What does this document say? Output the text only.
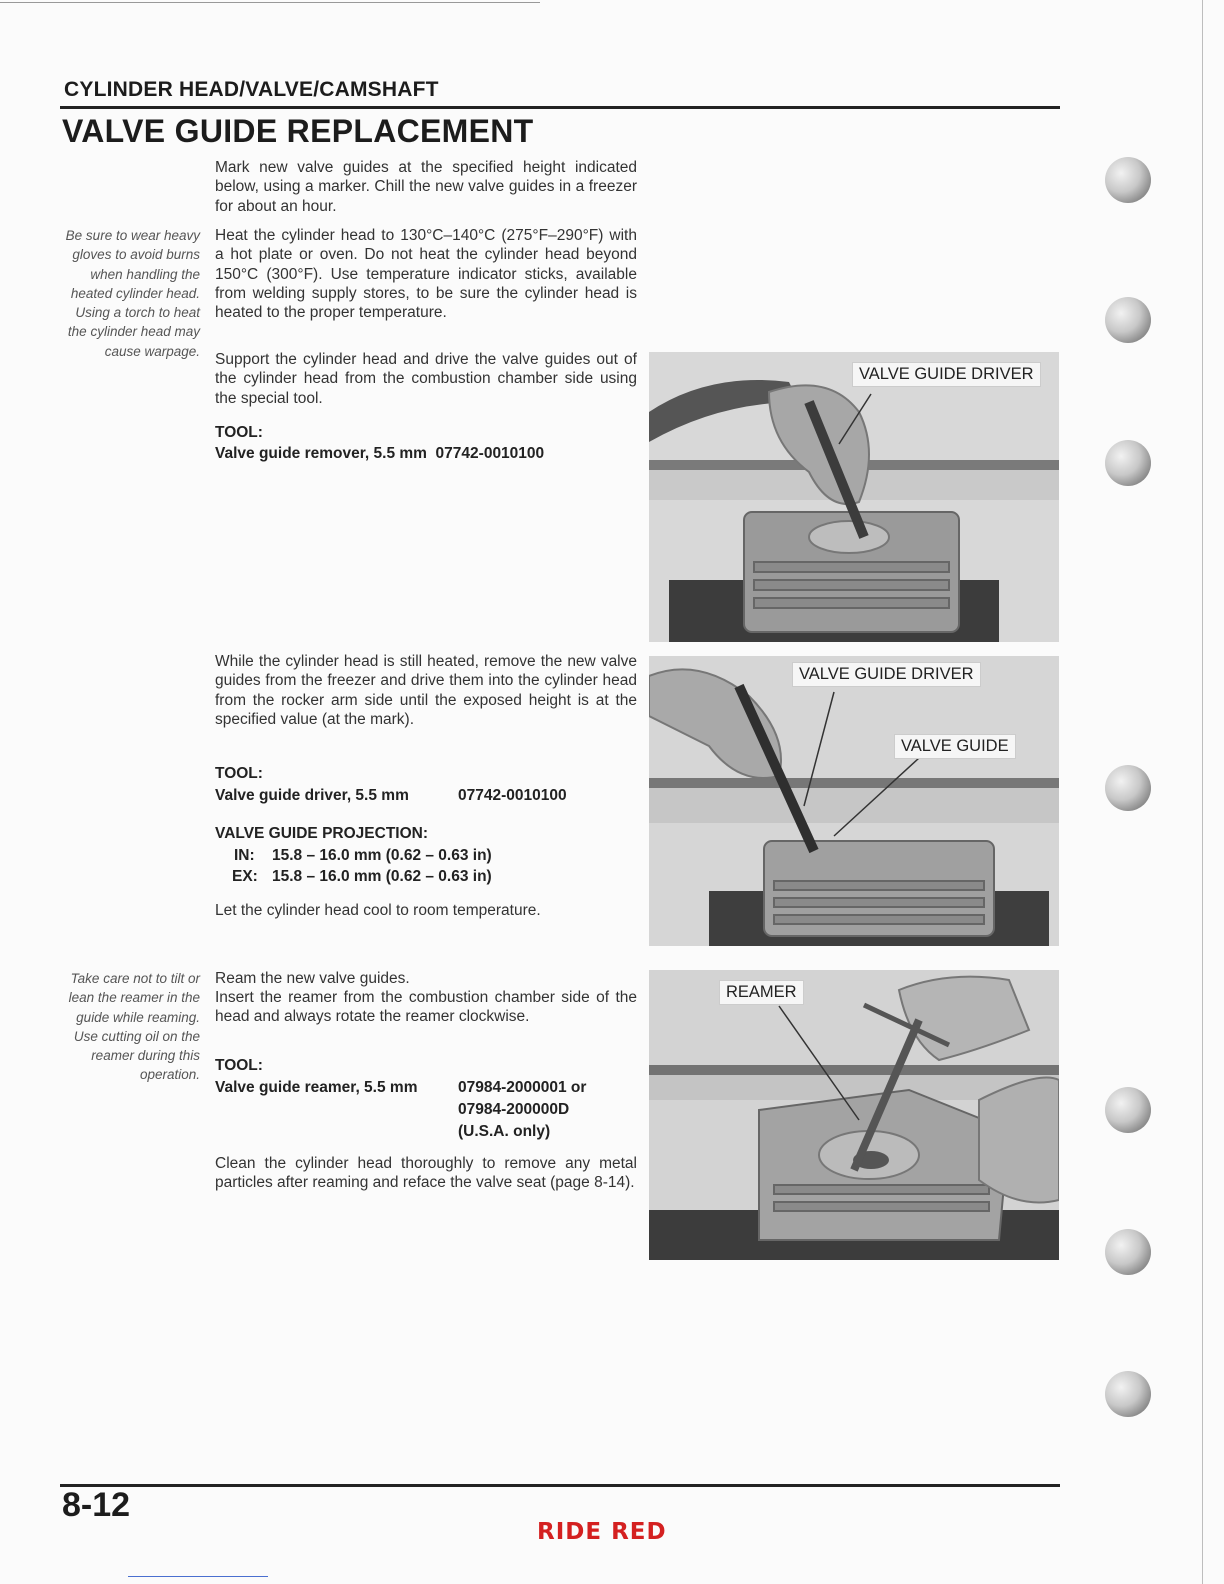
CYLINDER HEAD/VALVE/CAMSHAFT
VALVE GUIDE REPLACEMENT
Mark new valve guides at the specified height indicated below, using a marker. Chill the new valve guides in a freezer for about an hour.
Be sure to wear heavy gloves to avoid burns when handling the heated cylinder head. Using a torch to heat the cylinder head may cause warpage.
Heat the cylinder head to 130°C–140°C (275°F–290°F) with a hot plate or oven. Do not heat the cylinder head beyond 150°C (300°F). Use temperature indicator sticks, available from welding supply stores, to be sure the cylinder head is heated to the proper temperature.
Support the cylinder head and drive the valve guides out of the cylinder head from the combustion chamber side using the special tool.
TOOL:
Valve guide remover, 5.5 mm  07742-0010100
VALVE GUIDE DRIVER
While the cylinder head is still heated, remove the new valve guides from the freezer and drive them into the cylinder head from the rocker arm side until the exposed height is at the specified value (at the mark).
TOOL:
Valve guide driver, 5.5 mm	07742-0010100
VALVE GUIDE PROJECTION:
IN: 15.8 – 16.0 mm (0.62 – 0.63 in)
EX: 15.8 – 16.0 mm (0.62 – 0.63 in)
Let the cylinder head cool to room temperature.
VALVE GUIDE DRIVER
VALVE GUIDE
Take care not to tilt or lean the reamer in the guide while reaming. Use cutting oil on the reamer during this operation.
Ream the new valve guides.
Insert the reamer from the combustion chamber side of the head and always rotate the reamer clockwise.
TOOL:
Valve guide reamer, 5.5 mm	07984-2000001 or
07984-200000D
(U.S.A. only)
Clean the cylinder head thoroughly to remove any metal particles after reaming and reface the valve seat (page 8-14).
REAMER
8-12
RIDE RED
